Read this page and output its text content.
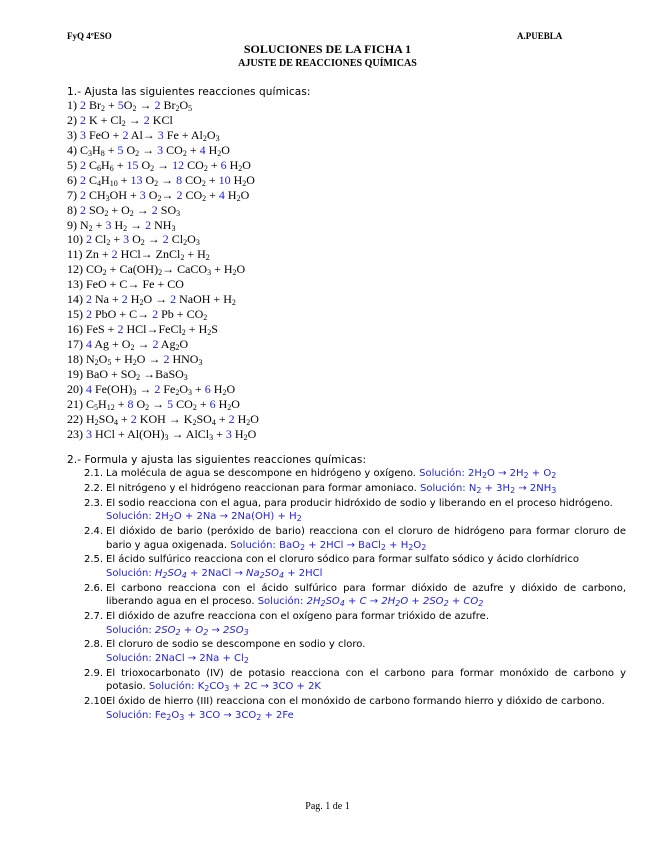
FyQ 4ºESO	A.PUEBLA
SOLUCIONES DE LA FICHA 1
AJUSTE DE REACCIONES QUÍMICAS
1.- Ajusta las siguientes reacciones químicas:
1) 2 $Br_2 + 5O_2 \to 2$ $Br_2O_5$
2) 2 $K + Cl_2 \to 2$ KCl
3) 3 FeO + 2 Al→ 3 $Fe + Al_2O_3$
4) $C_3H_8 + 5$ $O_2 \to 3$ $CO_2 + 4$ $H_2O$
5) 2 $C_6H_6 + 15$ $O_2 \to 12$ $CO_2 + 6$ $H_2O$
6) 2 $C_4H_{10} + 13$ $O_2 \to 8$ $CO_2 + 10$ $H_2O$
7) 2 $CH_3OH + 3$ $O_2\to 2$ $CO_2 + 4$ $H_2O$
8) 2 $SO_2 + O_2 \to 2$ $SO_3$
9) $N_2 + 3$ $H_2 \to 2$ $NH_3$
10) 2 $Cl_2 + 3$ $O_2 \to 2$ $Cl_2O_3$
11) Zn + 2 HCl→ ZnCl$_2$ + $H_2$
12) $CO_2 + Ca(OH)_2\to$ CaCO$_3$ + $H_2O$
13) FeO + C→ Fe + CO
14) 2 Na + 2 $H_2O \to 2$ NaOH + $H_2$
15) 2 PbO + C→ 2 $Pb + CO_2$
16) FeS + 2 HCl→FeCl$_2$ + $H_2S$
17) 4 $Ag + O_2 \to 2$ $Ag_2O$
18) $N_2O_5 + H_2O \to 2$ $HNO_3$
19) BaO + $SO_2$ →BaSO$_3$
20) 4 $Fe(OH)_3 \to 2$ $Fe_2O_3 + 6$ $H_2O$
21) $C_5H_{12} + 8$ $O_2 \to 5$ $CO_2 + 6$ $H_2O$
22) $H_2SO_4 + 2$ KOH → $K_2SO_4 + 2$ $H_2O$
23) 3 HCl + $Al(OH)_3$ → AlCl$_3$ + 3 $H_2O$
2.- Formula y ajusta las siguientes reacciones químicas:
2.1. La molécula de agua se descompone en hidrógeno y oxígeno. Solución: $2H_2O \to 2H_2 + O_2$
2.2. El nitrógeno y el hidrógeno reaccionan para formar amoniaco. Solución: $N_2 + 3H_2 \to 2NH_3$
2.3. El sodio reacciona con el agua, para producir hidróxido de sodio y liberando en el proceso hidrógeno.
Solución: $2H_2O + 2Na \to 2Na(OH) + H_2$
2.4. El dióxido de bario (peróxido de bario) reacciona con el cloruro de hidrógeno para formar cloruro de bario y agua oxigenada. Solución: BaO$_2$ + 2HCl → BaCl$_2$ + $H_2O_2$
2.5. El ácido sulfúrico reacciona con el cloruro sódico para formar sulfato sódico y ácido clorhídrico
Solución: $H_2SO_4$ + 2NaCl → $Na_2SO_4 + 2HCl$
2.6. El carbono reacciona con el ácido sulfúrico para formar dióxido de azufre y dióxido de carbono, liberando agua en el proceso. Solución: $2H_2SO_4 + C \to 2H_2O + 2SO_2 + CO_2$
2.7. El dióxido de azufre reacciona con el oxígeno para formar trióxido de azufre.
Solución: $2SO_2 + O_2 \to 2SO_3$
2.8. El cloruro de sodio se descompone en sodio y cloro.
Solución: 2NaCl → $2Na + Cl_2$
2.9. El trioxocarbonato (IV) de potasio reacciona con el carbono para formar monóxido de carbono y potasio. Solución: $K_2CO_3 + 2C \to 3CO + 2K$
2.10.
El óxido de hierro (III) reacciona con el monóxido de carbono formando hierro y dióxido de carbono.
Solución: $Fe_2O_3 + 3CO \to 3CO_2 + 2Fe$
Pag. 1 de 1
